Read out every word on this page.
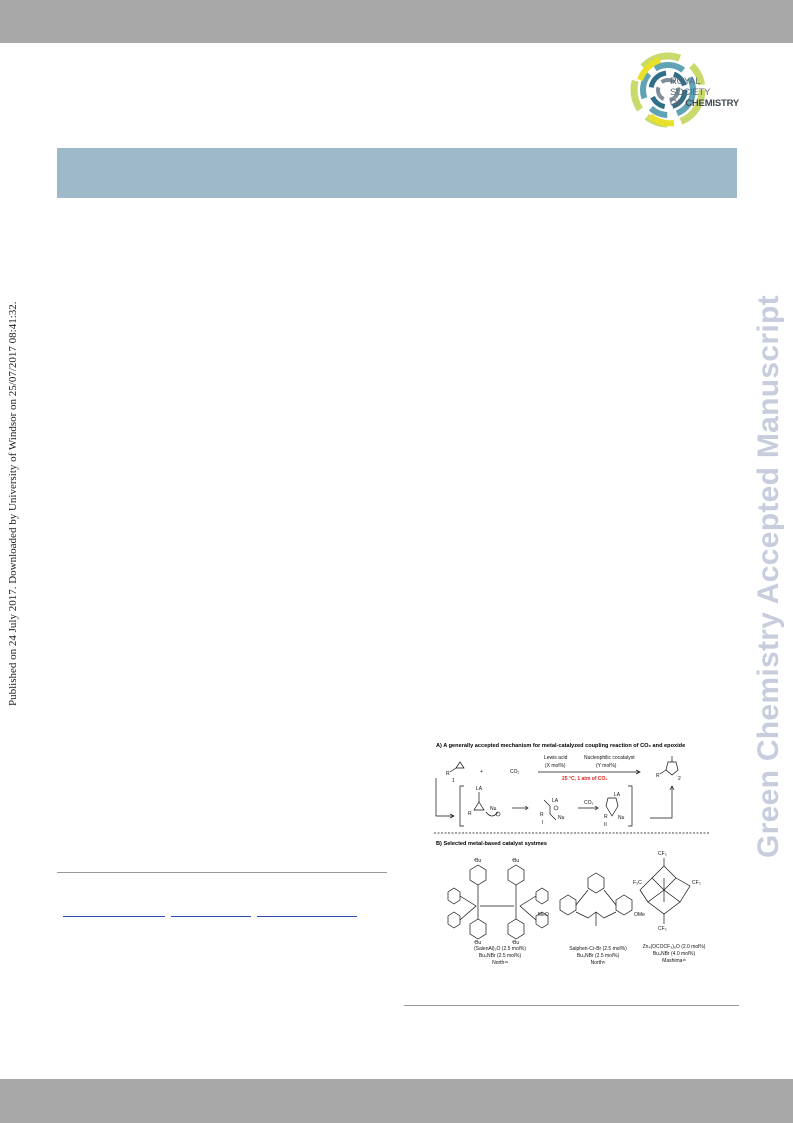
ROYAL SOCIETY
OF CHEMISTRY
Published on 24 July 2017. Downloaded by University of Windsor on 25/07/2017 08:41:32.	Green Chemistry Accepted Manuscript
A) A generally accepted mechanism for metal-catalyzed coupling reaction of CO₂ and epoxide
+	CO₂
Lewis acid
(X mol%)
Nucleophilic cocatalyst
(Y mol%)
25 °C, 1 atm of CO₂
1
R
2
R
LA
Nu
R
LA
Nu
I
R
CO₂
LA
Nu
R
II
B) Selected metal-based catalyst systmes
ᵗBu	ᵗBu
ᵗBu	ᵗBu
MeO	OMe
CF₃
F₃C	CF₃
CF₃
(SalenAl)₂O (2.5 mol%)
Bu₄NBr (2.5 mol%)
North¹ᵃ
Salphen-Cr-Br (2.5 mol%)
Bu₄NBr (2.5 mol%)
North¹ʲ
Zn₄(OCOCF₃)₆O (2.0 mol%)
Bu₄NBr (4.0 mol%)
Mashima¹ᵏ
